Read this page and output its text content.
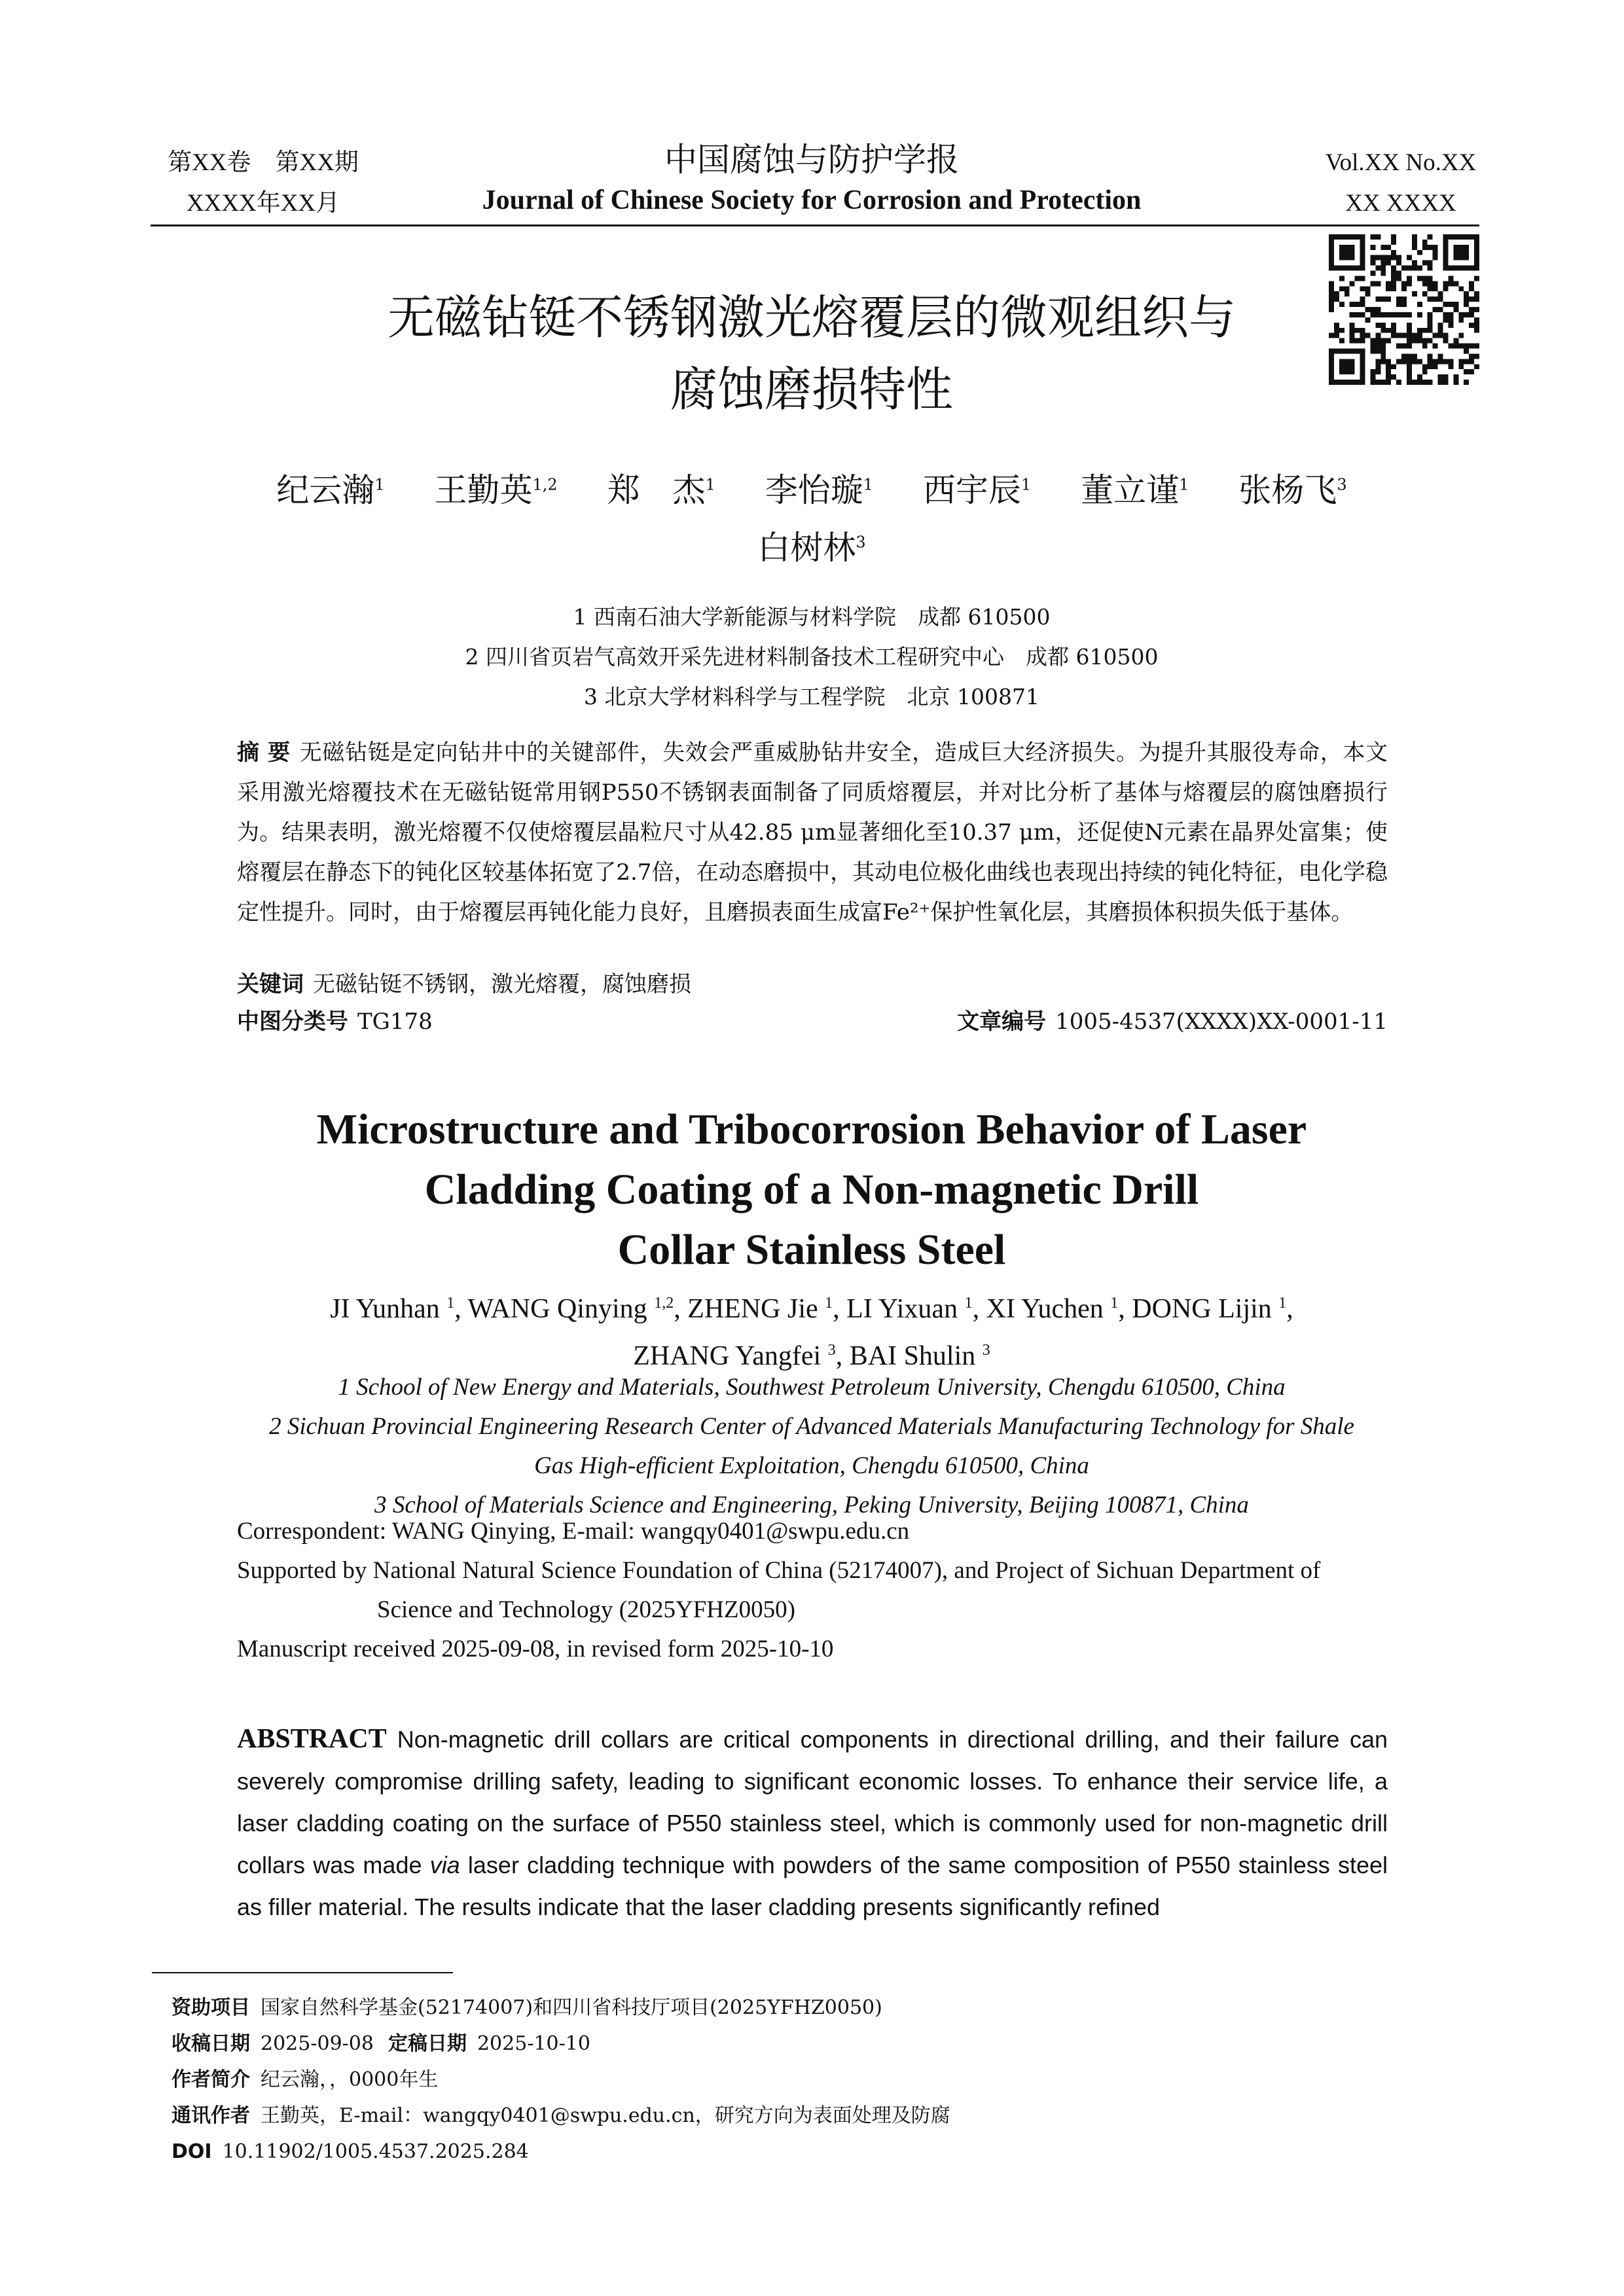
第XX卷　第XX期
XXXX年XX月
中国腐蚀与防护学报
Journal of Chinese Society for Corrosion and Protection
Vol.XX No.XX
XX XXXX
无磁钻铤不锈钢激光熔覆层的微观组织与
腐蚀磨损特性
纪云瀚$^1$ 王勤英$^{1,2}$ 郑　杰$^1$ 李怡璇$^1$ 西宇辰$^1$ 董立谨$^1$ 张杨飞$^3$
白树林$^3$
1 西南石油大学新能源与材料学院　成都 610500
2 四川省页岩气高效开采先进材料制备技术工程研究中心　成都 610500
3 北京大学材料科学与工程学院　北京 100871
摘 要 无磁钻铤是定向钻井中的关键部件，失效会严重威胁钻井安全，造成巨大经济损失。为提升其服役寿命，本文采用激光熔覆技术在无磁钻铤常用钢P550不锈钢表面制备了同质熔覆层，并对比分析了基体与熔覆层的腐蚀磨损行为。结果表明，激光熔覆不仅使熔覆层晶粒尺寸从42.85 μm显著细化至10.37 μm，还促使N元素在晶界处富集；使熔覆层在静态下的钝化区较基体拓宽了2.7倍，在动态磨损中，其动电位极化曲线也表现出持续的钝化特征，电化学稳定性提升。同时，由于熔覆层再钝化能力良好，且磨损表面生成富Fe²⁺保护性氧化层，其磨损体积损失低于基体。
关键词 无磁钻铤不锈钢，激光熔覆，腐蚀磨损
中图分类号 TG178	文章编号 1005-4537(XXXX)XX-0001-11
Microstructure and Tribocorrosion Behavior of Laser
Cladding Coating of a Non-magnetic Drill
Collar Stainless Steel
JI Yunhan $^1$, WANG Qinying $^{1,2}$, ZHENG Jie $^1$, LI Yixuan $^1$, XI Yuchen $^1$, DONG Lijin $^1$,
ZHANG Yangfei $^3$, BAI Shulin $^3$
1 School of New Energy and Materials, Southwest Petroleum University, Chengdu 610500, China
2 Sichuan Provincial Engineering Research Center of Advanced Materials Manufacturing Technology for Shale
Gas High-efficient Exploitation, Chengdu 610500, China
3 School of Materials Science and Engineering, Peking University, Beijing 100871, China
Correspondent: WANG Qinying, E-mail: wangqy0401@swpu.edu.cn
Supported by National Natural Science Foundation of China (52174007), and Project of Sichuan Department of
Science and Technology (2025YFHZ0050)
Manuscript received 2025-09-08, in revised form 2025-10-10
ABSTRACT Non-magnetic drill collars are critical components in directional drilling, and their failure can severely compromise drilling safety, leading to significant economic losses. To enhance their service life, a laser cladding coating on the surface of P550 stainless steel, which is commonly used for non-magnetic drill collars was made via laser cladding technique with powders of the same composition of P550 stainless steel as filler material. The results indicate that the laser cladding presents significantly refined
资助项目 国家自然科学基金(52174007)和四川省科技厅项目(2025YFHZ0050)
收稿日期 2025-09-08 定稿日期 2025-10-10
作者简介 纪云瀚，，0000年生
通讯作者 王勤英，E-mail：wangqy0401@swpu.edu.cn，研究方向为表面处理及防腐
DOI 10.11902/1005.4537.2025.284
